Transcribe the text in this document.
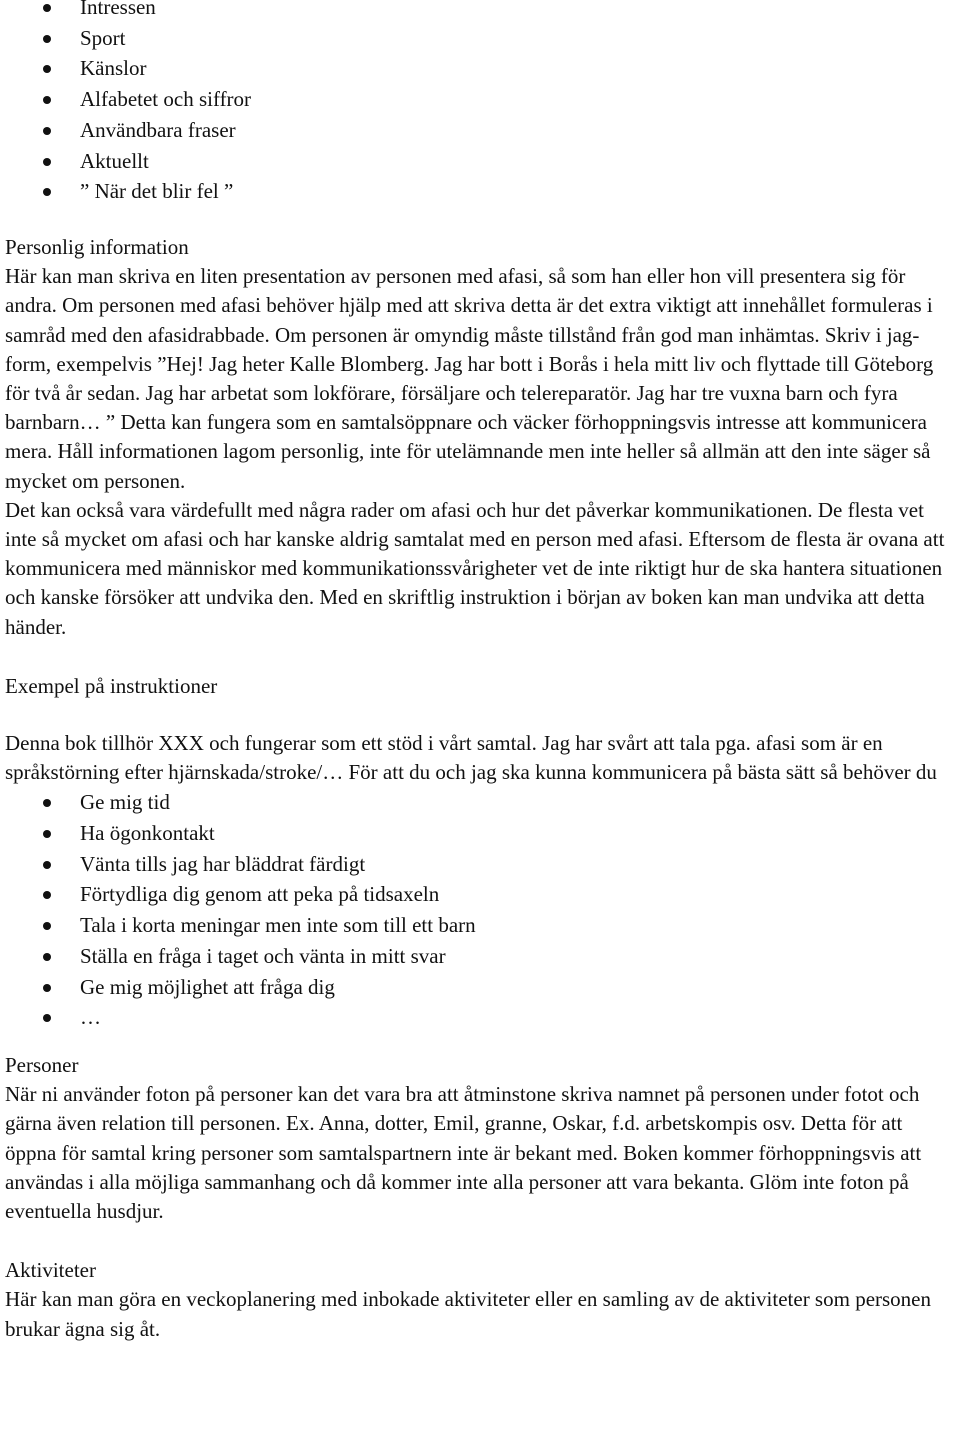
Intressen
Sport
Känslor
Alfabetet och siffror
Användbara fraser
Aktuellt
” När det blir fel ”
Personlig information

Här kan man skriva en liten presentation av personen med afasi, så som han eller hon vill presentera sig för andra. Om personen med afasi behöver hjälp med att skriva detta är det extra viktigt att innehållet formuleras i samråd med den afasidrabbade. Om personen är omyndig måste tillstånd från god man inhämtas. Skriv i jag-form, exempelvis ”Hej! Jag heter Kalle Blomberg. Jag har bott i Borås i hela mitt liv och flyttade till Göteborg för två år sedan. Jag har arbetat som lokförare, försäljare och telereparatör. Jag har tre vuxna barn och fyra barnbarn… ” Detta kan fungera som en samtalsöppnare och väcker förhoppningsvis intresse att kommunicera mera. Håll informationen lagom personlig, inte för utelämnande men inte heller så allmän att den inte säger så mycket om personen.

Det kan också vara värdefullt med några rader om afasi och hur det påverkar kommunikationen. De flesta vet inte så mycket om afasi och har kanske aldrig samtalat med en person med afasi. Eftersom de flesta är ovana att kommunicera med människor med kommunikationssvårigheter vet de inte riktigt hur de ska hantera situationen och kanske försöker att undvika den. Med en skriftlig instruktion i början av boken kan man undvika att detta händer.

Exempel på instruktioner

Denna bok tillhör XXX och fungerar som ett stöd i vårt samtal. Jag har svårt att tala pga. afasi som är en språkstörning efter hjärnskada/stroke/… För att du och jag ska kunna kommunicera på bästa sätt så behöver du

Ge mig tid
Ha ögonkontakt
Vänta tills jag har bläddrat färdigt
Förtydliga dig genom att peka på tidsaxeln
Tala i korta meningar men inte som till ett barn
Ställa en fråga i taget och vänta in mitt svar
Ge mig möjlighet att fråga dig
…
Personer

När ni använder foton på personer kan det vara bra att åtminstone skriva namnet på personen under fotot och gärna även relation till personen. Ex. Anna, dotter, Emil, granne, Oskar, f.d. arbetskompis osv. Detta för att öppna för samtal kring personer som samtalspartnern inte är bekant med. Boken kommer förhoppningsvis att användas i alla möjliga sammanhang och då kommer inte alla personer att vara bekanta. Glöm inte foton på eventuella husdjur.

Aktiviteter

Här kan man göra en veckoplanering med inbokade aktiviteter eller en samling av de aktiviteter som personen brukar ägna sig åt.
